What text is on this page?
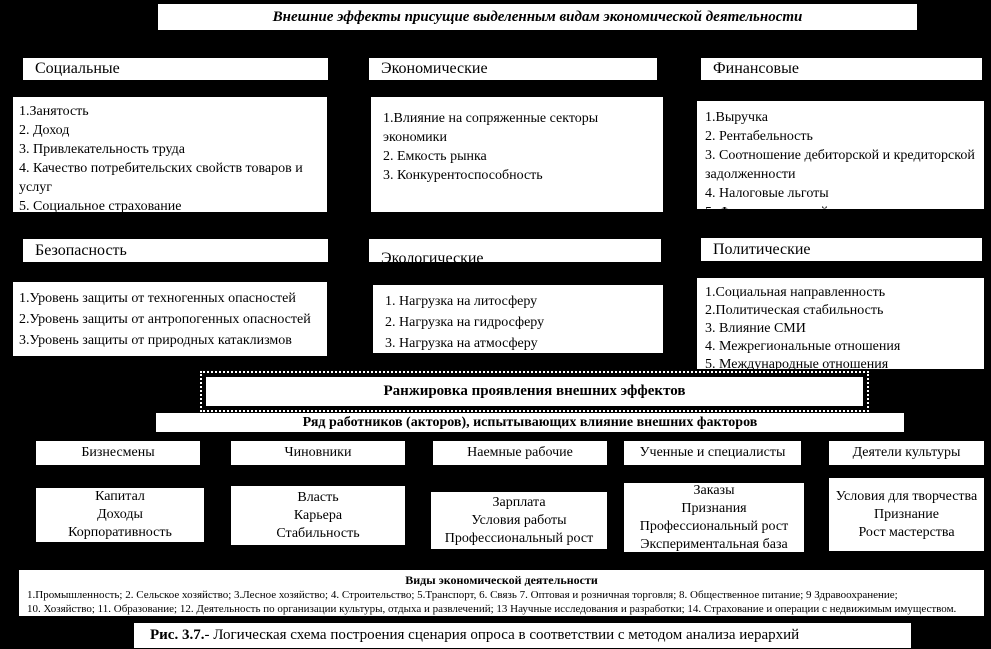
Внешние эффекты присущие выделенным видам экономической деятельности
Социальные	Экономические	Финансовые
1.Занятость
2. Доход
3. Привлекательность труда
4. Качество потребительских свойств товаров и услуг
5. Социальное страхование
6. Социальные издержки
1.Влияние на сопряженные секторы экономики
2. Емкость рынка
3. Конкурентоспособность
1.Выручка
2. Рентабельность
3. Соотношение дебиторской и кредиторской задолженности
4. Налоговые льготы
5. Финансовая устойчивость
Безопасность	Экологические
Политические
1.Уровень защиты от техногенных опасностей
2.Уровень защиты от антропогенных опасностей
3.Уровень защиты от природных катаклизмов
1. Нагрузка на литосферу
2. Нагрузка на гидросферу
3. Нагрузка на атмосферу
1.Социальная направленность
2.Политическая стабильность
3. Влияние СМИ
4. Межрегиональные отношения
5. Международные отношения
Ранжировка проявления внешних эффектов
Ряд работников (акторов), испытывающих влияние внешних факторов
Бизнесмены	Чиновники	Наемные рабочие	Ученные и специалисты	Деятели культуры
Капитал
Доходы
Корпоративность
Власть
Карьера
Стабильность
Зарплата
Условия работы
Профессиональный рост
Заказы
Признания
Профессиональный рост
Экспериментальная база
Условия для творчества
Признание
Рост мастерства
Виды экономической деятельности
1.Промышленность; 2. Сельское хозяйство; 3.Лесное хозяйство; 4. Строительство; 5.Транспорт, 6. Связь 7. Оптовая и розничная торговля; 8. Общественное питание; 9 Здравоохранение;
10. Хозяйство; 11. Образование; 12. Деятельность по организации культуры, отдыха и развлечений; 13 Научные исследования и разработки; 14. Страхование и операции с недвижимым имуществом.
Рис. 3.7. - Логическая схема построения сценария опроса в соответствии с методом анализа иерархий
